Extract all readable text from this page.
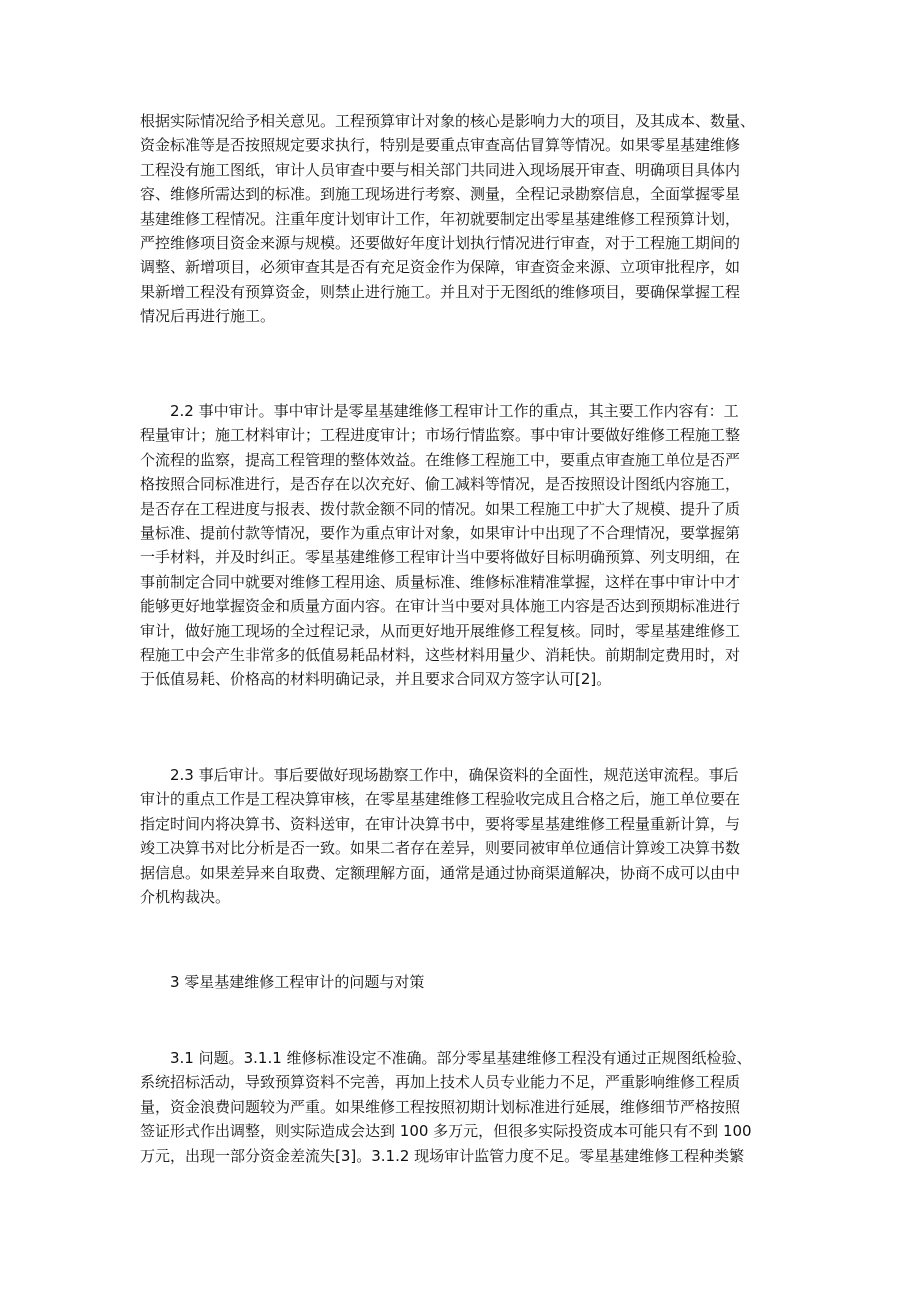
根据实际情况给予相关意见。工程预算审计对象的核心是影响力大的项目，及其成本、数量、
资金标准等是否按照规定要求执行，特别是要重点审查高估冒算等情况。如果零星基建维修
工程没有施工图纸，审计人员审查中要与相关部门共同进入现场展开审查、明确项目具体内
容、维修所需达到的标准。到施工现场进行考察、测量，全程记录勘察信息，全面掌握零星
基建维修工程情况。注重年度计划审计工作，年初就要制定出零星基建维修工程预算计划，
严控维修项目资金来源与规模。还要做好年度计划执行情况进行审查，对于工程施工期间的
调整、新增项目，必须审查其是否有充足资金作为保障，审查资金来源、立项审批程序，如
果新增工程没有预算资金，则禁止进行施工。并且对于无图纸的维修项目，要确保掌握工程
情况后再进行施工。
2.2 事中审计。事中审计是零星基建维修工程审计工作的重点，其主要工作内容有：工
程量审计；施工材料审计；工程进度审计；市场行情监察。事中审计要做好维修工程施工整
个流程的监察，提高工程管理的整体效益。在维修工程施工中，要重点审查施工单位是否严
格按照合同标准进行，是否存在以次充好、偷工减料等情况，是否按照设计图纸内容施工，
是否存在工程进度与报表、拨付款金额不同的情况。如果工程施工中扩大了规模、提升了质
量标准、提前付款等情况，要作为重点审计对象，如果审计中出现了不合理情况，要掌握第
一手材料，并及时纠正。零星基建维修工程审计当中要将做好目标明确预算、列支明细，在
事前制定合同中就要对维修工程用途、质量标准、维修标准精准掌握，这样在事中审计中才
能够更好地掌握资金和质量方面内容。在审计当中要对具体施工内容是否达到预期标准进行
审计，做好施工现场的全过程记录，从而更好地开展维修工程复核。同时，零星基建维修工
程施工中会产生非常多的低值易耗品材料，这些材料用量少、消耗快。前期制定费用时，对
于低值易耗、价格高的材料明确记录，并且要求合同双方签字认可[2]。
2.3 事后审计。事后要做好现场勘察工作中，确保资料的全面性，规范送审流程。事后
审计的重点工作是工程决算审核，在零星基建维修工程验收完成且合格之后，施工单位要在
指定时间内将决算书、资料送审，在审计决算书中，要将零星基建维修工程量重新计算，与
竣工决算书对比分析是否一致。如果二者存在差异，则要同被审单位通信计算竣工决算书数
据信息。如果差异来自取费、定额理解方面，通常是通过协商渠道解决，协商不成可以由中
介机构裁决。
3 零星基建维修工程审计的问题与对策
3.1 问题。3.1.1 维修标准设定不准确。部分零星基建维修工程没有通过正规图纸检验、
系统招标活动，导致预算资料不完善，再加上技术人员专业能力不足，严重影响维修工程质
量，资金浪费问题较为严重。如果维修工程按照初期计划标准进行延展，维修细节严格按照
签证形式作出调整，则实际造成会达到 100 多万元，但很多实际投资成本可能只有不到 100
万元，出现一部分资金差流失[3]。3.1.2 现场审计监管力度不足。零星基建维修工程种类繁
